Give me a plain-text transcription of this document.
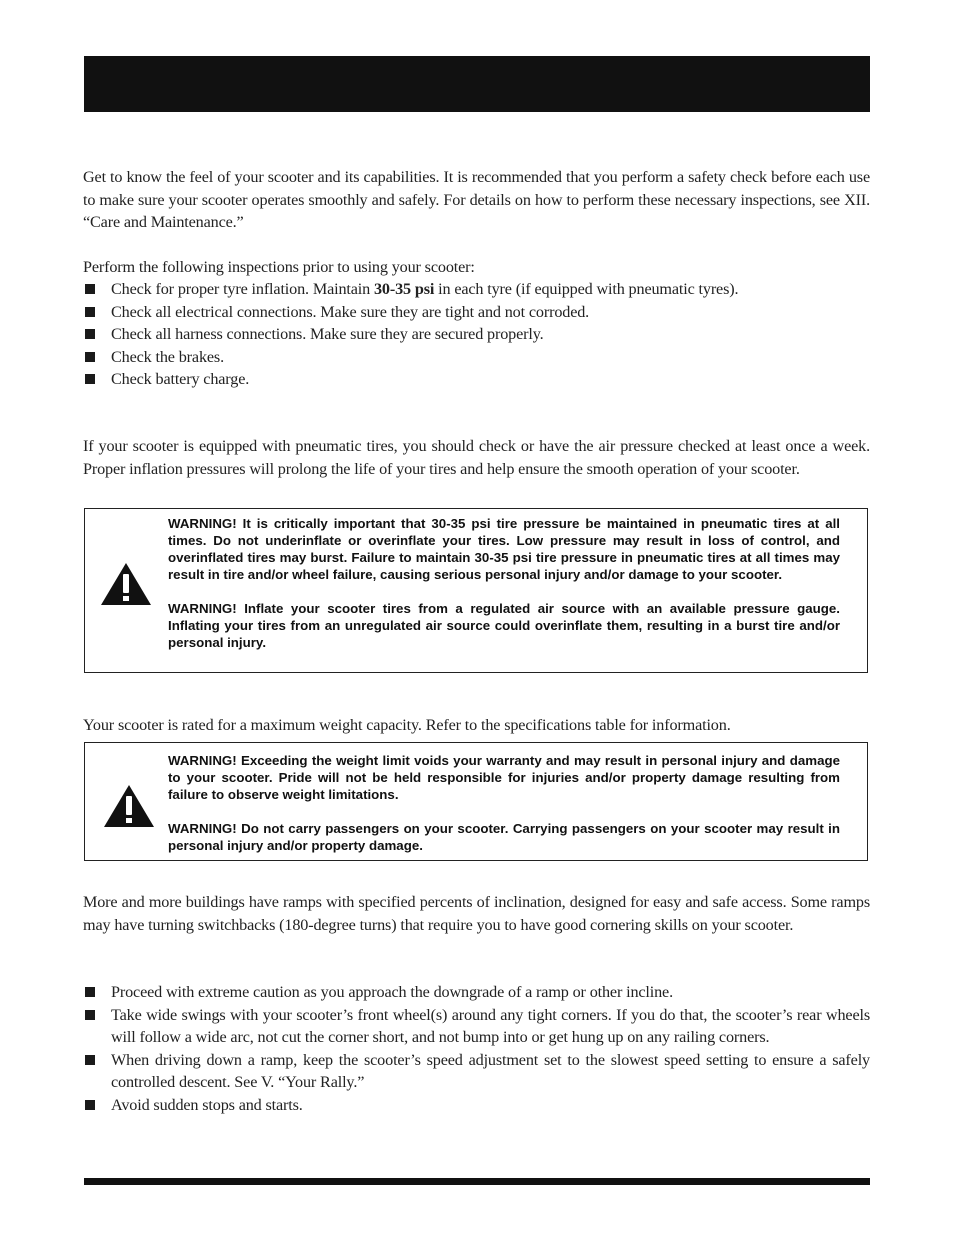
Get to know the feel of your scooter and its capabilities. It is recommended that you perform a safety check before each use to make sure your scooter operates smoothly and safely. For details on how to perform these necessary inspections, see XII. “Care and Maintenance.”

Perform the following inspections prior to using your scooter:

Check for proper tyre inflation. Maintain 30-35 psi in each tyre (if equipped with pneumatic tyres).
Check all electrical connections. Make sure they are tight and not corroded.
Check all harness connections. Make sure they are secured properly.
Check the brakes.
Check battery charge.

If your scooter is equipped with pneumatic tires, you should check or have the air pressure checked at least once a week. Proper inflation pressures will prolong the life of your tires and help ensure the smooth operation of your scooter.

WARNING! It is critically important that 30-35 psi tire pressure be maintained in pneumatic tires at all times. Do not underinflate or overinflate your tires. Low pressure may result in loss of control, and overinflated tires may burst. Failure to maintain 30-35 psi tire pressure in pneumatic tires at all times may result in tire and/or wheel failure, causing serious personal injury and/or damage to your scooter.

WARNING! Inflate your scooter tires from a regulated air source with an available pressure gauge. Inflating your tires from an unregulated air source could overinflate them, resulting in a burst tire and/or personal injury.

Your scooter is rated for a maximum weight capacity. Refer to the specifications table for information.

WARNING! Exceeding the weight limit voids your warranty and may result in personal injury and damage to your scooter. Pride will not be held responsible for injuries and/or property damage resulting from failure to observe weight limitations.

WARNING! Do not carry passengers on your scooter. Carrying passengers on your scooter may result in personal injury and/or property damage.

More and more buildings have ramps with specified percents of inclination, designed for easy and safe access. Some ramps may have turning switchbacks (180-degree turns) that require you to have good cornering skills on your scooter.

Proceed with extreme caution as you approach the downgrade of a ramp or other incline.
Take wide swings with your scooter’s front wheel(s) around any tight corners. If you do that, the scooter’s rear wheels will follow a wide arc, not cut the corner short, and not bump into or get hung up on any railing corners.
When driving down a ramp, keep the scooter’s speed adjustment set to the slowest speed setting to ensure a safely controlled descent. See V. “Your Rally.”
Avoid sudden stops and starts.
